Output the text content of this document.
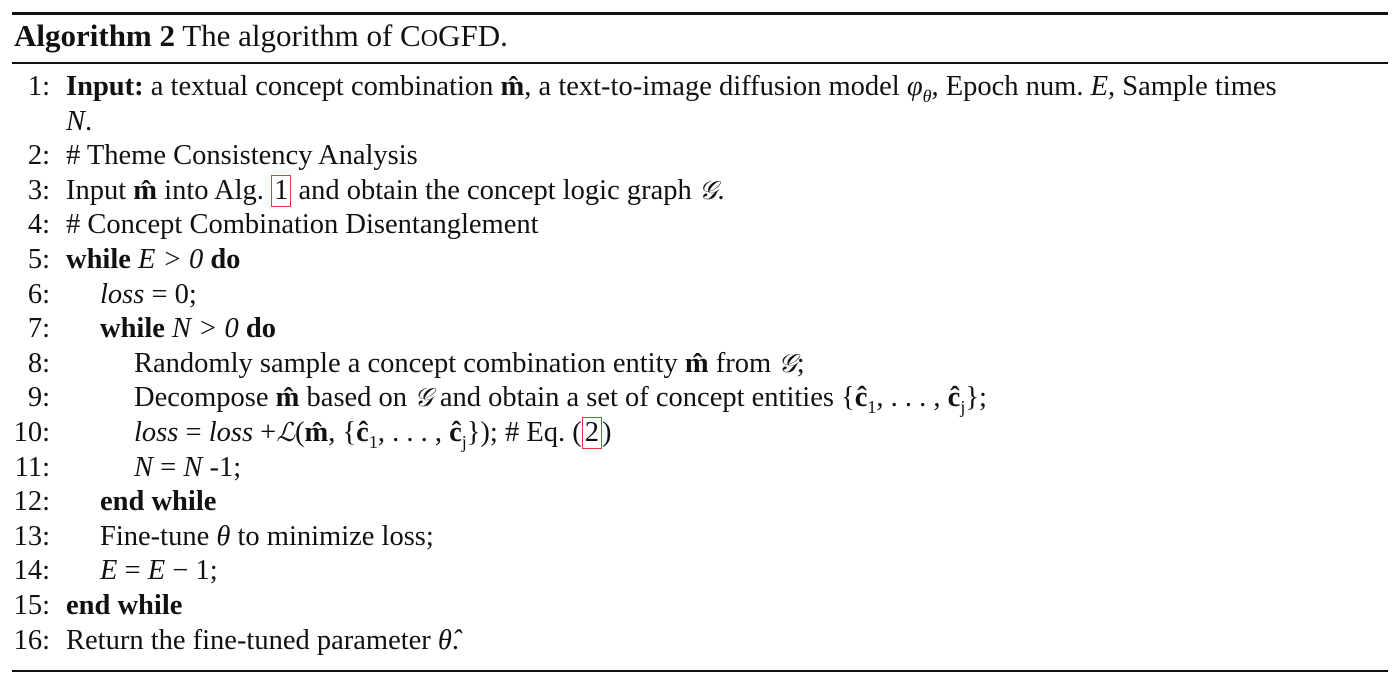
Algorithm 2 The algorithm of COGFD.
1: Input: a textual concept combination m̂, a text-to-image diffusion model $\varphi_\theta$, Epoch num. E, Sample times
N.
2: # Theme Consistency Analysis
3: Input m̂ into Alg. 1 and obtain the concept logic graph 𝒢.
4: # Concept Combination Disentanglement
5: while E > 0 do
6: loss = 0;
7: while N > 0 do
8:	Randomly sample a concept combination entity m̂ from 𝒢;
9:	Decompose m̂ based on 𝒢 and obtain a set of concept entities {$ĉ_1$, . . . , $ĉ_j$};
10:	loss = loss +ℒ(m̂, {$ĉ_1$, . . . , $ĉ_j$}); # Eq. ( 2 )
11:	N = N -1;
12: end while
13: Fine-tune θ to minimize loss;
14: E = E − 1;
15: end while
16: Return the fine-tuned parameter θ̂.
